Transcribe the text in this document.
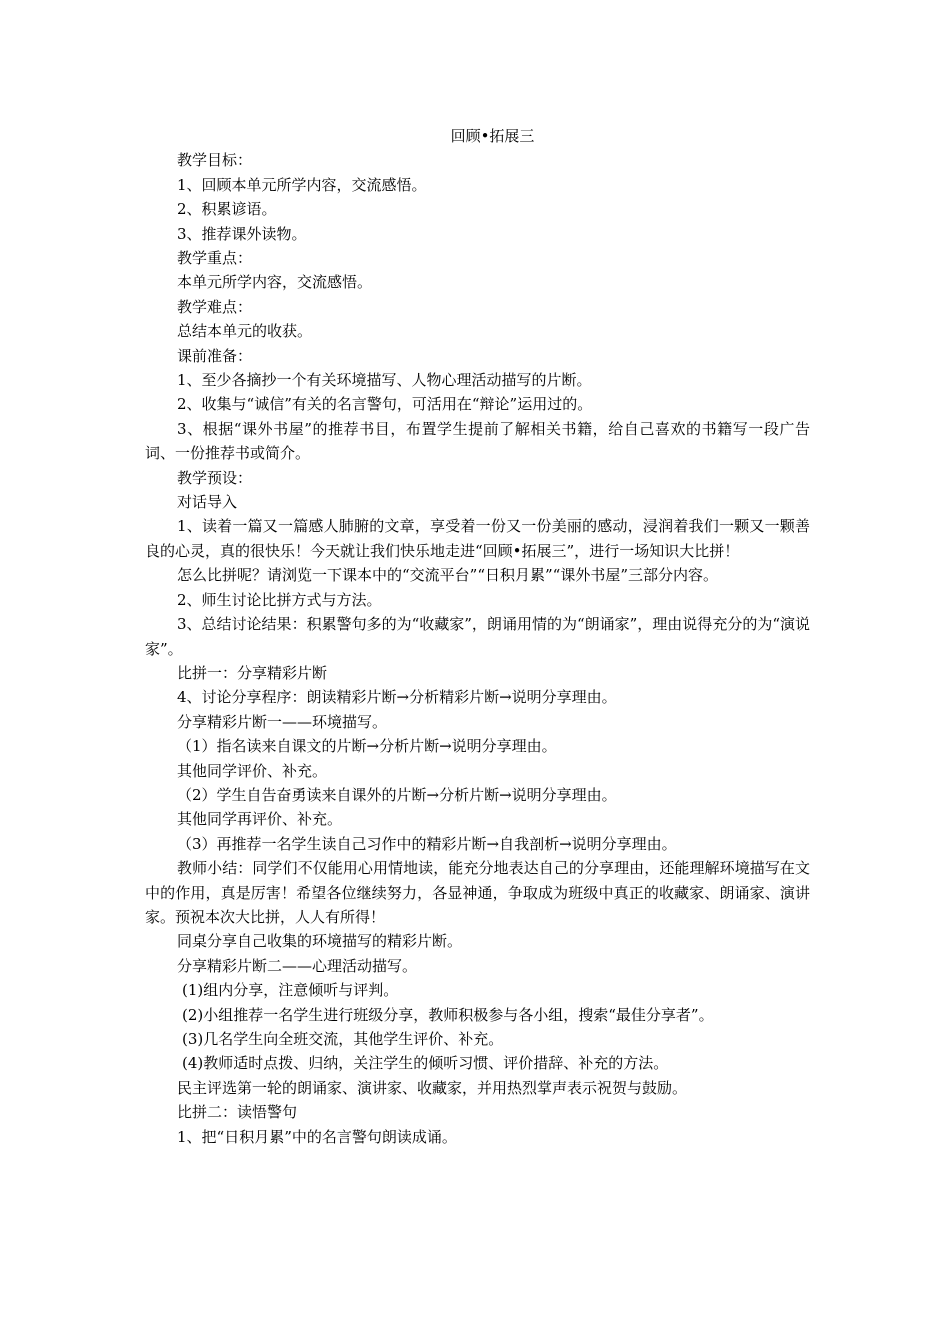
回顾•拓展三

教学目标：

1、回顾本单元所学内容，交流感悟。

2、积累谚语。

3、推荐课外读物。

教学重点：

本单元所学内容，交流感悟。

教学难点：

总结本单元的收获。

课前准备：

1、至少各摘抄一个有关环境描写、人物心理活动描写的片断。

2、收集与“诚信”有关的名言警句，可活用在“辩论”运用过的。

3、根据“课外书屋”的推荐书目，布置学生提前了解相关书籍，给自己喜欢的书籍写一段广告词、一份推荐书或简介。

教学预设：

对话导入

1、读着一篇又一篇感人肺腑的文章，享受着一份又一份美丽的感动，浸润着我们一颗又一颗善良的心灵，真的很快乐！今天就让我们快乐地走进“回顾•拓展三”，进行一场知识大比拼！

怎么比拼呢？请浏览一下课本中的“交流平台”“日积月累”“课外书屋”三部分内容。

2、师生讨论比拼方式与方法。

3、总结讨论结果：积累警句多的为“收藏家”，朗诵用情的为“朗诵家”，理由说得充分的为“演说家”。

比拼一：分享精彩片断

4、讨论分享程序：朗读精彩片断→分析精彩片断→说明分享理由。

分享精彩片断一——环境描写。

（1）指名读来自课文的片断→分析片断→说明分享理由。

其他同学评价、补充。

（2）学生自告奋勇读来自课外的片断→分析片断→说明分享理由。

其他同学再评价、补充。

（3）再推荐一名学生读自己习作中的精彩片断→自我剖析→说明分享理由。

教师小结：同学们不仅能用心用情地读，能充分地表达自己的分享理由，还能理解环境描写在文中的作用，真是厉害！希望各位继续努力，各显神通，争取成为班级中真正的收藏家、朗诵家、演讲家。预祝本次大比拼，人人有所得！

同桌分享自己收集的环境描写的精彩片断。

分享精彩片断二——心理活动描写。

(1)组内分享，注意倾听与评判。

(2)小组推荐一名学生进行班级分享，教师积极参与各小组，搜索“最佳分享者”。

(3)几名学生向全班交流，其他学生评价、补充。

(4)教师适时点拨、归纳，关注学生的倾听习惯、评价措辞、补充的方法。

民主评选第一轮的朗诵家、演讲家、收藏家，并用热烈掌声表示祝贺与鼓励。

比拼二：读悟警句

1、把“日积月累”中的名言警句朗读成诵。
